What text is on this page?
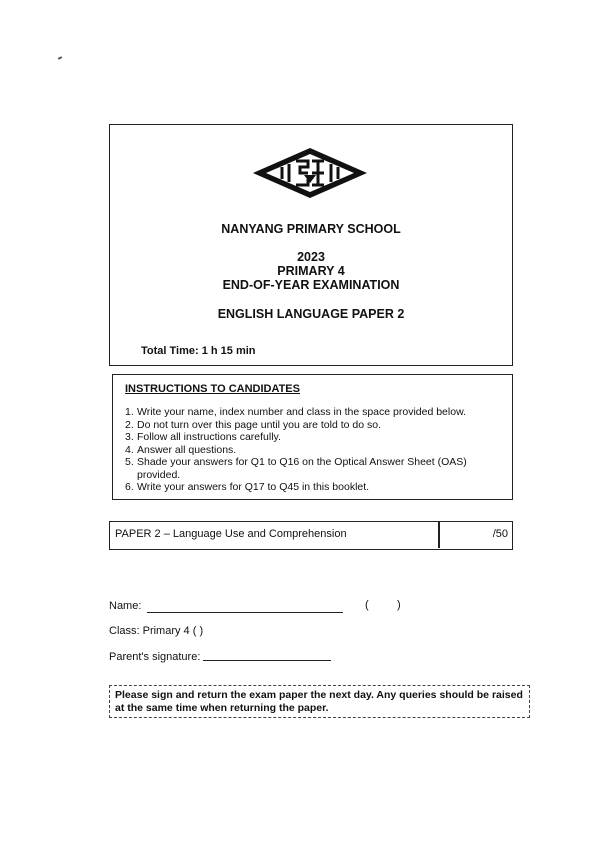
NANYANG PRIMARY SCHOOL
2023
PRIMARY 4
END-OF-YEAR EXAMINATION
ENGLISH LANGUAGE PAPER 2
Total Time: 1 h 15 min
INSTRUCTIONS TO CANDIDATES
1. Write your name, index number and class in the space provided below.
2. Do not turn over this page until you are told to do so.
3. Follow all instructions carefully.
4. Answer all questions.
5. Shade your answers for Q1 to Q16 on the Optical Answer Sheet (OAS) provided.
6. Write your answers for Q17 to Q45 in this booklet.
PAPER 2 – Language Use and Comprehension	/50
Name:	(	)
Class: Primary 4 ( )
Parent's signature:
Please sign and return the exam paper the next day. Any queries should be raised at the same time when returning the paper.
